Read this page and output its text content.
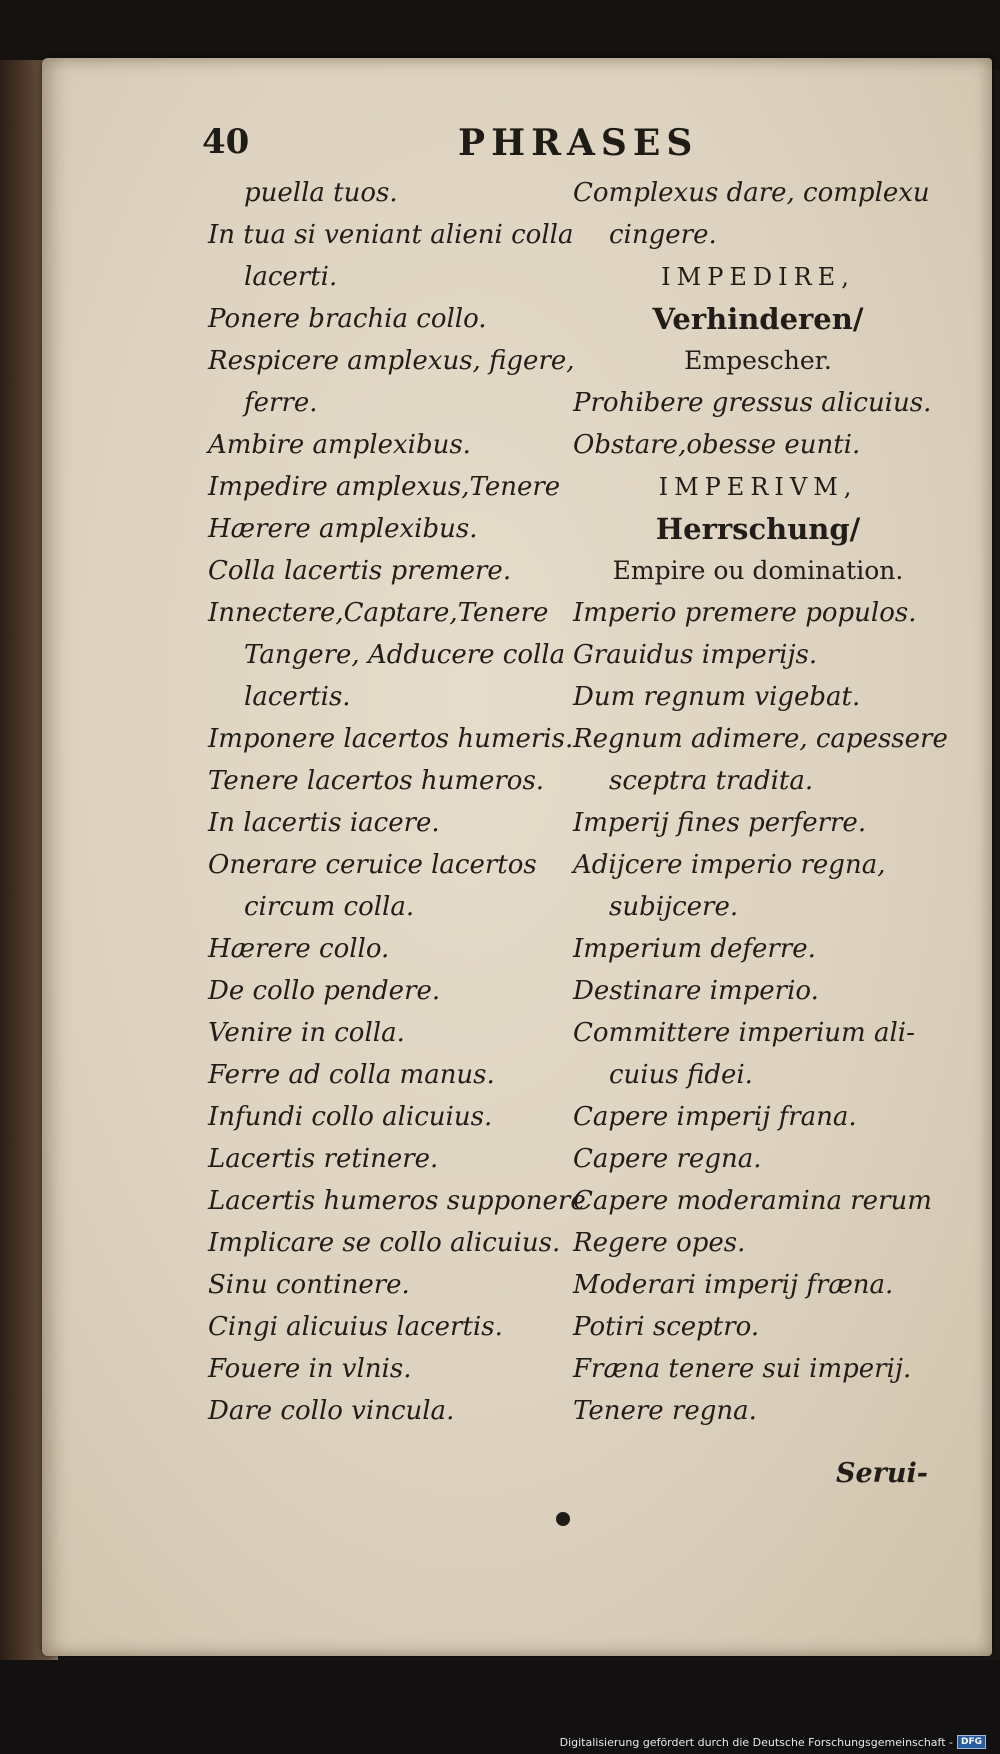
40	PHRASES
puella tuos.
In tua si veniant alieni colla
lacerti.
Ponere brachia collo.
Respicere amplexus, figere,
ferre.
Ambire amplexibus.
Impedire amplexus,Tenere
Hærere amplexibus.
Colla lacertis premere.
Innectere,Captare,Tenere
Tangere, Adducere colla
lacertis.
Imponere lacertos humeris.
Tenere lacertos humeros.
In lacertis iacere.
Onerare ceruice lacertos
circum colla.
Hærere collo.
De collo pendere.
Venire in colla.
Ferre ad colla manus.
Infundi collo alicuius.
Lacertis retinere.
Lacertis humeros supponere
Implicare se collo alicuius.
Sinu continere.
Cingi alicuius lacertis.
Fouere in vlnis.
Dare collo vincula.
Complexus dare, complexu
cingere.
IMPEDIRE,
Verhinderen/
Empescher.
Prohibere gressus alicuius.
Obstare,obesse eunti.
IMPERIVM,
Herrschung/
Empire ou domination.
Imperio premere populos.
Grauidus imperijs.
Dum regnum vigebat.
Regnum adimere, capessere
sceptra tradita.
Imperij fines perferre.
Adijcere imperio regna,
subijcere.
Imperium deferre.
Destinare imperio.
Committere imperium ali-
cuius fidei.
Capere imperij frana.
Capere regna.
Capere moderamina rerum
Regere opes.
Moderari imperij fræna.
Potiri sceptro.
Fræna tenere sui imperij.
Tenere regna.
Serui-
Digitalisierung gefördert durch die Deutsche Forschungsgemeinschaft - DFG
